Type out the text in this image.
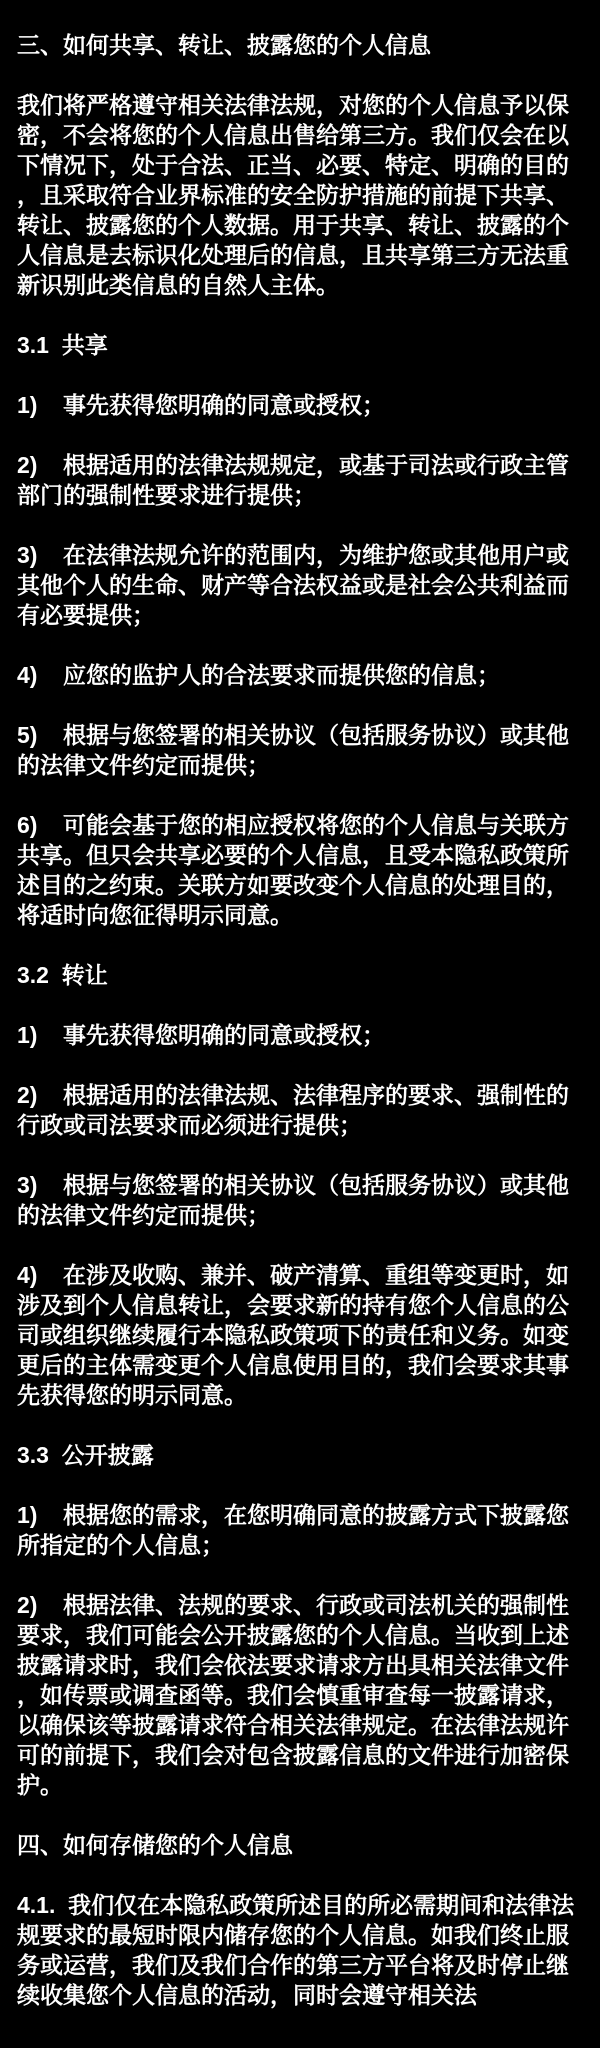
三、如何共享、转让、披露您的个人信息
我们将严格遵守相关法律法规，对您的个人信息予以保密，不会将您的个人信息出售给第三方。我们仅会在以下情况下，处于合法、正当、必要、特定、明确的目的，且采取符合业界标准的安全防护措施的前提下共享、转让、披露您的个人数据。用于共享、转让、披露的个人信息是去标识化处理后的信息，且共享第三方无法重新识别此类信息的自然人主体。
3.1  共享
1)    事先获得您明确的同意或授权；
2)    根据适用的法律法规规定，或基于司法或行政主管部门的强制性要求进行提供；
3)    在法律法规允许的范围内，为维护您或其他用户或其他个人的生命、财产等合法权益或是社会公共利益而有必要提供；
4)    应您的监护人的合法要求而提供您的信息；
5)    根据与您签署的相关协议（包括服务协议）或其他的法律文件约定而提供；
6)    可能会基于您的相应授权将您的个人信息与关联方共享。但只会共享必要的个人信息，且受本隐私政策所述目的之约束。关联方如要改变个人信息的处理目的，将适时向您征得明示同意。
3.2  转让
1)    事先获得您明确的同意或授权；
2)    根据适用的法律法规、法律程序的要求、强制性的行政或司法要求而必须进行提供；
3)    根据与您签署的相关协议（包括服务协议）或其他的法律文件约定而提供；
4)    在涉及收购、兼并、破产清算、重组等变更时，如涉及到个人信息转让，会要求新的持有您个人信息的公司或组织继续履行本隐私政策项下的责任和义务。如变更后的主体需变更个人信息使用目的，我们会要求其事先获得您的明示同意。
3.3  公开披露
1)    根据您的需求，在您明确同意的披露方式下披露您所指定的个人信息；
2)    根据法律、法规的要求、行政或司法机关的强制性要求，我们可能会公开披露您的个人信息。当收到上述披露请求时，我们会依法要求请求方出具相关法律文件，如传票或调查函等。我们会慎重审查每一披露请求，以确保该等披露请求符合相关法律规定。在法律法规许可的前提下，我们会对包含披露信息的文件进行加密保护。
四、如何存储您的个人信息
4.1.  我们仅在本隐私政策所述目的所必需期间和法律法规要求的最短时限内储存您的个人信息。如我们终止服务或运营，我们及我们合作的第三方平台将及时停止继续收集您个人信息的活动，同时会遵守相关法
